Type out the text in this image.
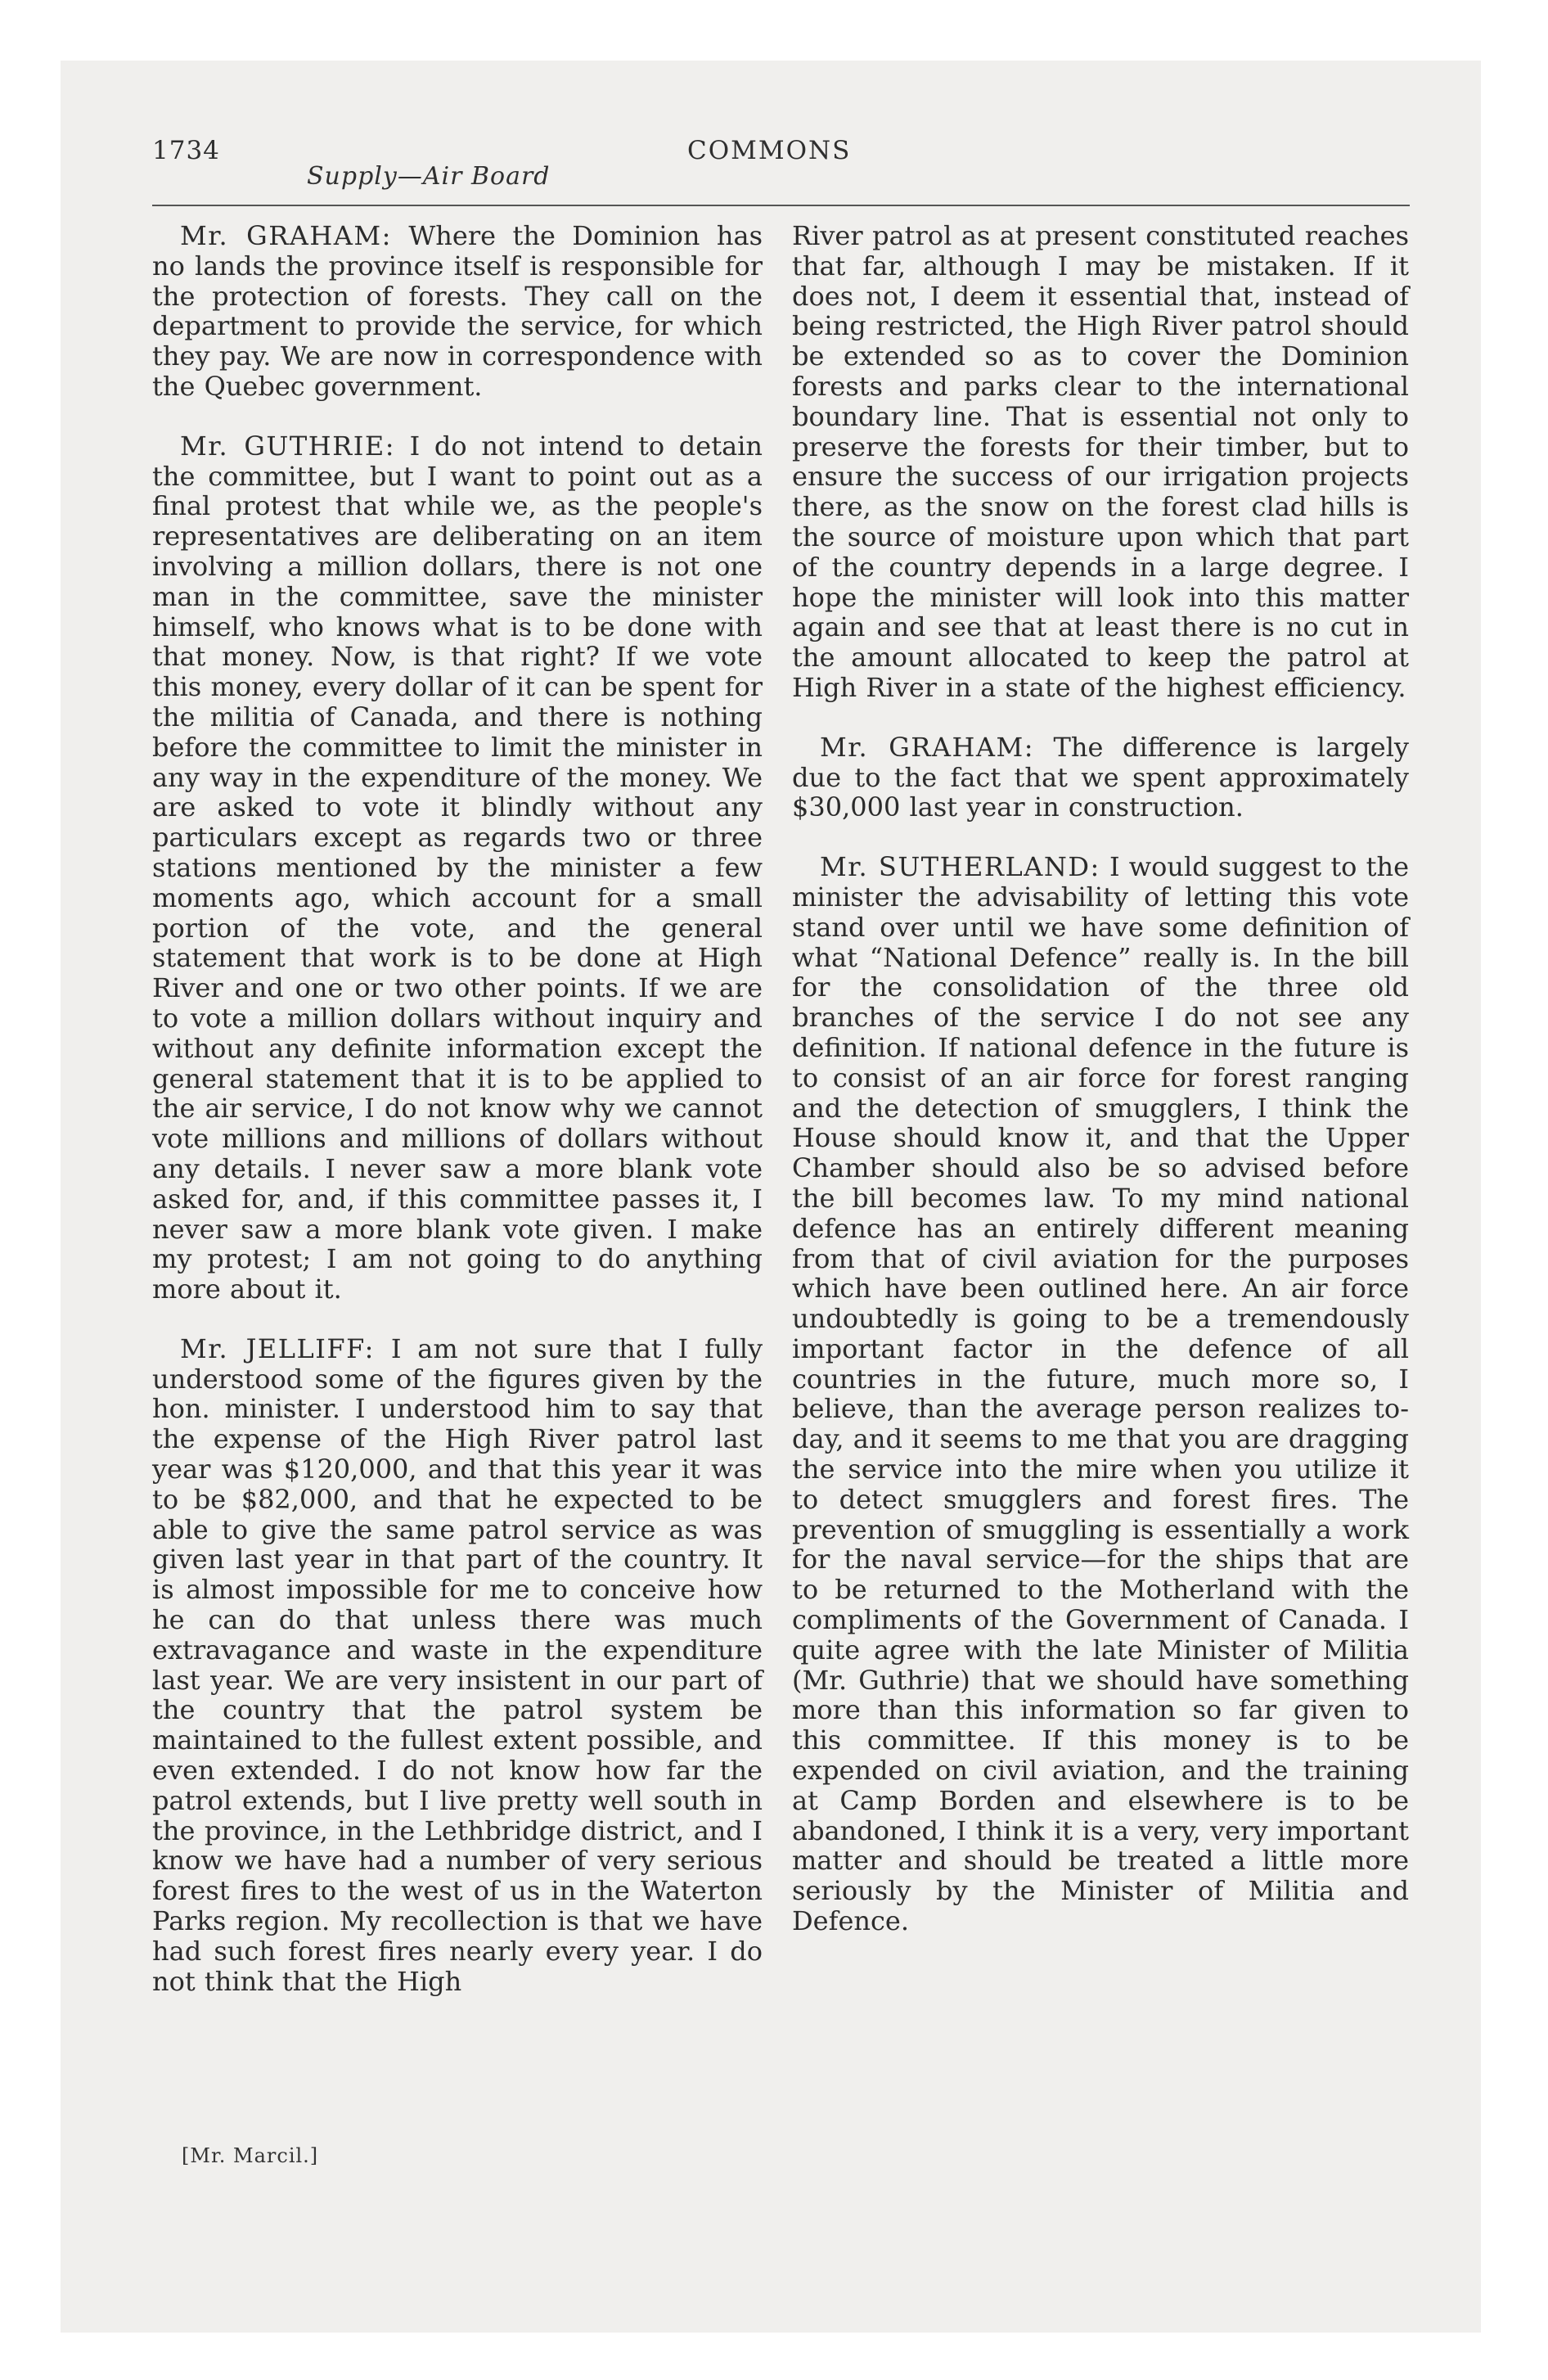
1734	COMMONS
Supply—Air Board

Mr. GRAHAM: Where the Dominion has no lands the province itself is responsible for the protection of forests. They call on the department to provide the service, for which they pay. We are now in correspondence with the Quebec government.

Mr. GUTHRIE: I do not intend to detain the committee, but I want to point out as a final protest that while we, as the people's representatives are deliberating on an item involving a million dollars, there is not one man in the committee, save the minister himself, who knows what is to be done with that money. Now, is that right? If we vote this money, every dollar of it can be spent for the militia of Canada, and there is nothing before the committee to limit the minister in any way in the expenditure of the money. We are asked to vote it blindly without any particulars except as regards two or three stations mentioned by the minister a few moments ago, which account for a small portion of the vote, and the general statement that work is to be done at High River and one or two other points. If we are to vote a million dollars without inquiry and without any definite information except the general statement that it is to be applied to the air service, I do not know why we cannot vote millions and millions of dollars without any details. I never saw a more blank vote asked for, and, if this committee passes it, I never saw a more blank vote given. I make my protest; I am not going to do anything more about it.

Mr. JELLIFF: I am not sure that I fully understood some of the figures given by the hon. minister. I understood him to say that the expense of the High River patrol last year was $120,000, and that this year it was to be $82,000, and that he expected to be able to give the same patrol service as was given last year in that part of the country. It is almost impossible for me to conceive how he can do that unless there was much extravagance and waste in the expenditure last year. We are very insistent in our part of the country that the patrol system be maintained to the fullest extent possible, and even extended. I do not know how far the patrol extends, but I live pretty well south in the province, in the Lethbridge district, and I know we have had a number of very serious forest fires to the west of us in the Waterton Parks region. My recollection is that we have had such forest fires nearly every year. I do not think that the High

River patrol as at present constituted reaches that far, although I may be mistaken. If it does not, I deem it essential that, instead of being restricted, the High River patrol should be extended so as to cover the Dominion forests and parks clear to the international boundary line. That is essential not only to preserve the forests for their timber, but to ensure the success of our irrigation projects there, as the snow on the forest clad hills is the source of moisture upon which that part of the country depends in a large degree. I hope the minister will look into this matter again and see that at least there is no cut in the amount allocated to keep the patrol at High River in a state of the highest efficiency.

Mr. GRAHAM: The difference is largely due to the fact that we spent approximately $30,000 last year in construction.

Mr. SUTHERLAND: I would suggest to the minister the advisability of letting this vote stand over until we have some definition of what “National Defence” really is. In the bill for the consolidation of the three old branches of the service I do not see any definition. If national defence in the future is to consist of an air force for forest ranging and the detection of smugglers, I think the House should know it, and that the Upper Chamber should also be so advised before the bill becomes law. To my mind national defence has an entirely different meaning from that of civil aviation for the purposes which have been outlined here. An air force undoubtedly is going to be a tremendously important factor in the defence of all countries in the future, much more so, I believe, than the average person realizes to-day, and it seems to me that you are dragging the service into the mire when you utilize it to detect smugglers and forest fires. The prevention of smuggling is essentially a work for the naval service—for the ships that are to be returned to the Motherland with the compliments of the Government of Canada. I quite agree with the late Minister of Militia (Mr. Guthrie) that we should have something more than this information so far given to this committee. If this money is to be expended on civil aviation, and the training at Camp Borden and elsewhere is to be abandoned, I think it is a very, very important matter and should be treated a little more seriously by the Minister of Militia and Defence.

[Mr. Marcil.]
